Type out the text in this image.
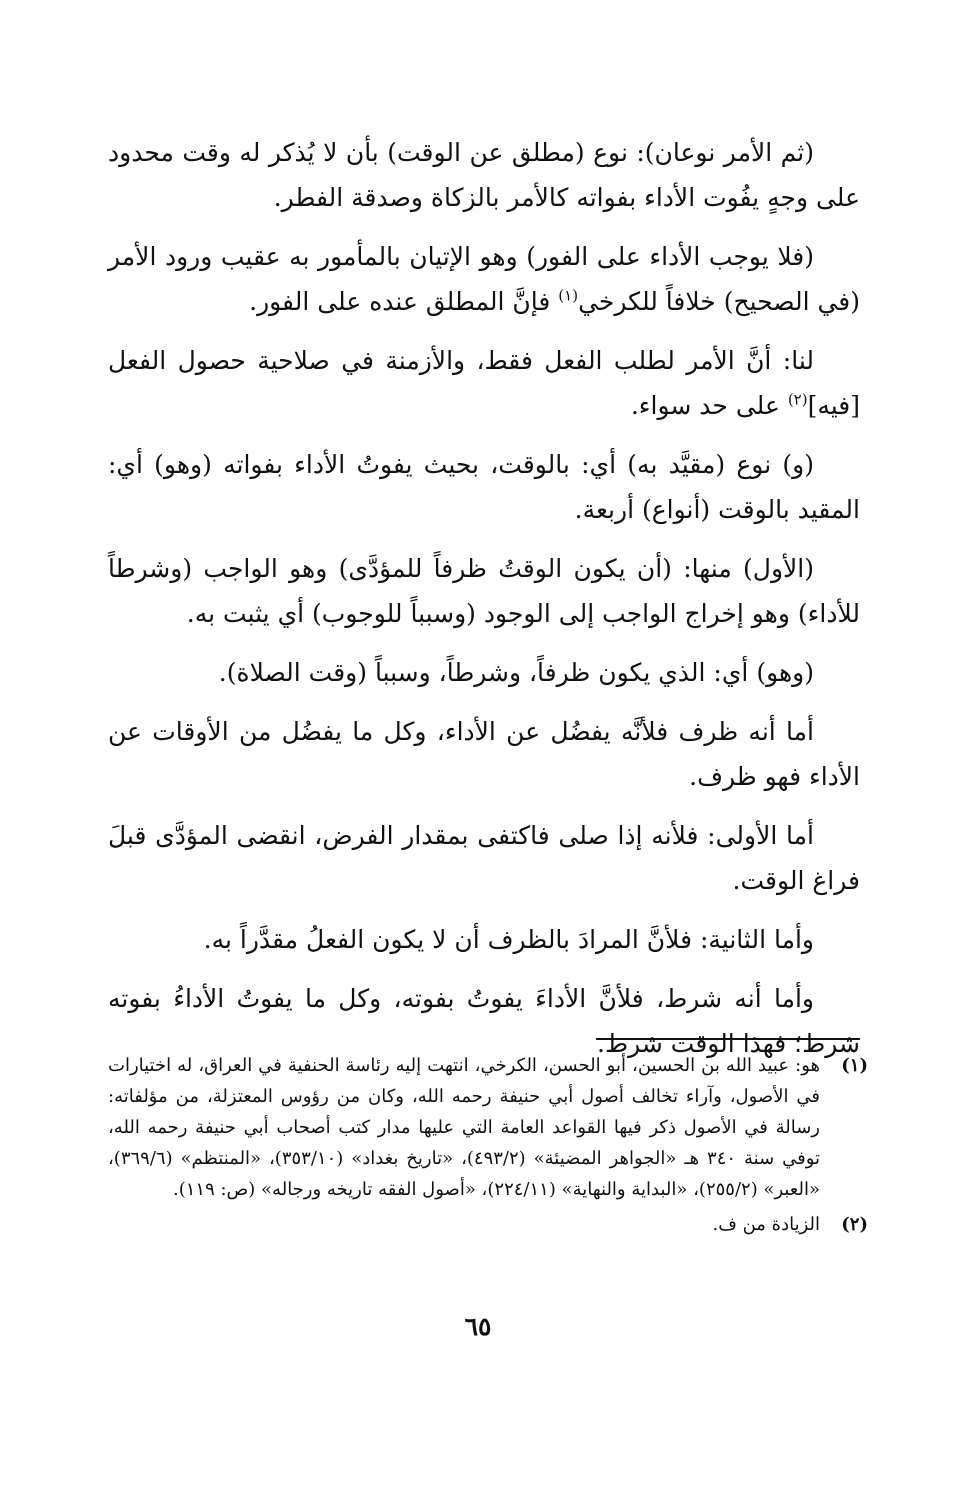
(ثم الأمر نوعان): نوع (مطلق عن الوقت) بأن لا يُذكر له وقت محدود على وجهٍ يفُوت الأداء بفواته كالأمر بالزكاة وصدقة الفطر.

(فلا يوجب الأداء على الفور) وهو الإتيان بالمأمور به عقيب ورود الأمر (في الصحيح) خلافاً للكرخي$^{(١)}$ فإنَّ المطلق عنده على الفور.

لنا: أنَّ الأمر لطلب الفعل فقط، والأزمنة في صلاحية حصول الفعل [فيه]$^{(٢)}$ على حد سواء.

(و) نوع (مقيَّد به) أي: بالوقت، بحيث يفوتُ الأداء بفواته (وهو) أي: المقيد بالوقت (أنواع) أربعة.

(الأول) منها: (أن يكون الوقتُ ظرفاً للمؤدَّى) وهو الواجب (وشرطاً للأداء) وهو إخراج الواجب إلى الوجود (وسبباً للوجوب) أي يثبت به.

(وهو) أي: الذي يكون ظرفاً، وشرطاً، وسبباً (وقت الصلاة).

أما أنه ظرف فلأنَّه يفضُل عن الأداء، وكل ما يفضُل من الأوقات عن الأداء فهو ظرف.

أما الأولى: فلأنه إذا صلى فاكتفى بمقدار الفرض، انقضى المؤدَّى قبلَ فراغ الوقت.

وأما الثانية: فلأنَّ المرادَ بالظرف أن لا يكون الفعلُ مقدَّراً به.

وأما أنه شرط، فلأنَّ الأداءَ يفوتُ بفوته، وكل ما يفوتُ الأداءُ بفوته شرط؛ فهذا الوقت شرط.

(١)
هو: عبيد الله بن الحسين، أبو الحسن، الكرخي، انتهت إليه رئاسة الحنفية في العراق، له اختيارات في الأصول، وآراء تخالف أصول أبي حنيفة رحمه الله، وكان من رؤوس المعتزلة، من مؤلفاته: رسالة في الأصول ذكر فيها القواعد العامة التي عليها مدار كتب أصحاب أبي حنيفة رحمه الله، توفي سنة ٣٤٠ هـ «الجواهر المضيئة» (٤٩٣/٢)، «تاريخ بغداد» (٣٥٣/١٠)، «المنتظم» (٣٦٩/٦)، «العبر» (٢٥٥/٢)، «البداية والنهاية» (٢٢٤/١١)، «أصول الفقه تاريخه ورجاله» (ص: ١١٩).
(٢)
الزيادة من ف.
٦٥
